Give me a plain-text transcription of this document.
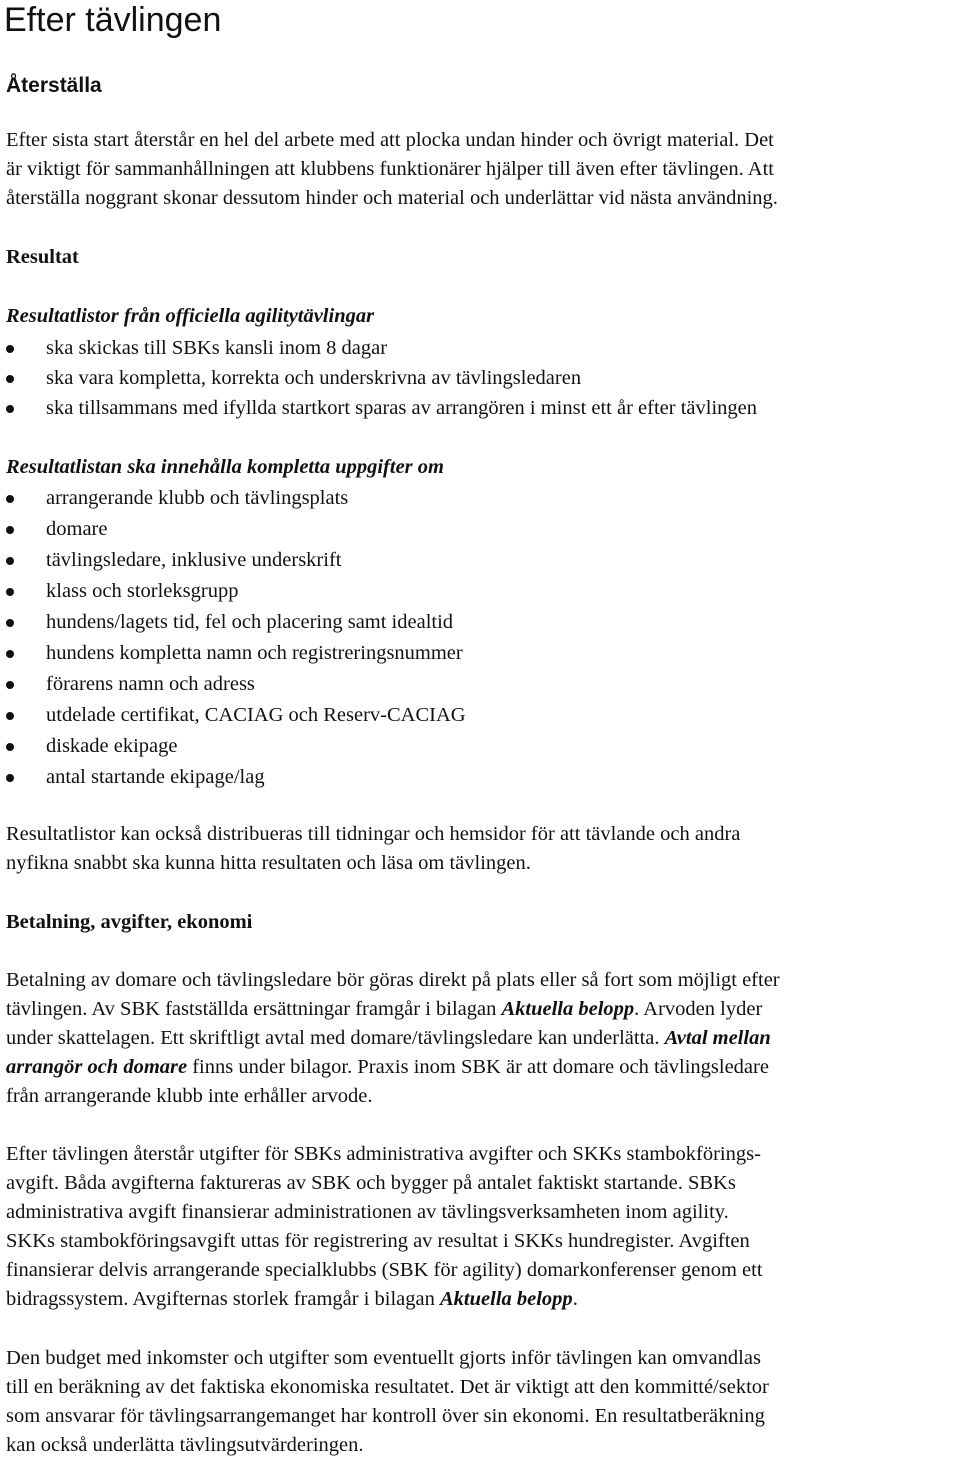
Efter tävlingen
Återställa

Efter sista start återstår en hel del arbete med att plocka undan hinder och övrigt material. Det

är viktigt för sammanhållningen att klubbens funktionärer hjälper till även efter tävlingen. Att

återställa noggrant skonar dessutom hinder och material och underlättar vid nästa användning.

Resultat

Resultatlistor från officiella agilitytävlingar

ska skickas till SBKs kansli inom 8 dagar
ska vara kompletta, korrekta och underskrivna av tävlingsledaren
ska tillsammans med ifyllda startkort sparas av arrangören i minst ett år efter tävlingen

Resultatlistan ska innehålla kompletta uppgifter om

arrangerande klubb och tävlingsplats
domare
tävlingsledare, inklusive underskrift
klass och storleksgrupp
hundens/lagets tid, fel och placering samt idealtid
hundens kompletta namn och registreringsnummer
förarens namn och adress
utdelade certifikat, CACIAG och Reserv-CACIAG
diskade ekipage
antal startande ekipage/lag

Resultatlistor kan också distribueras till tidningar och hemsidor för att tävlande och andra

nyfikna snabbt ska kunna hitta resultaten och läsa om tävlingen.

Betalning, avgifter, ekonomi

Betalning av domare och tävlingsledare bör göras direkt på plats eller så fort som möjligt efter

tävlingen. Av SBK fastställda ersättningar framgår i bilagan Aktuella belopp. Arvoden lyder

under skattelagen. Ett skriftligt avtal med domare/tävlingsledare kan underlätta. Avtal mellan

arrangör och domare finns under bilagor. Praxis inom SBK är att domare och tävlingsledare

från arrangerande klubb inte erhåller arvode.

Efter tävlingen återstår utgifter för SBKs administrativa avgifter och SKKs stambokförings-

avgift. Båda avgifterna faktureras av SBK och bygger på antalet faktiskt startande. SBKs

administrativa avgift finansierar administrationen av tävlingsverksamheten inom agility.

SKKs stambokföringsavgift uttas för registrering av resultat i SKKs hundregister. Avgiften

finansierar delvis arrangerande specialklubbs (SBK för agility) domarkonferenser genom ett

bidragssystem. Avgifternas storlek framgår i bilagan Aktuella belopp.

Den budget med inkomster och utgifter som eventuellt gjorts inför tävlingen kan omvandlas

till en beräkning av det faktiska ekonomiska resultatet. Det är viktigt att den kommitté/sektor

som ansvarar för tävlingsarrangemanget har kontroll över sin ekonomi. En resultatberäkning

kan också underlätta tävlingsutvärderingen.
